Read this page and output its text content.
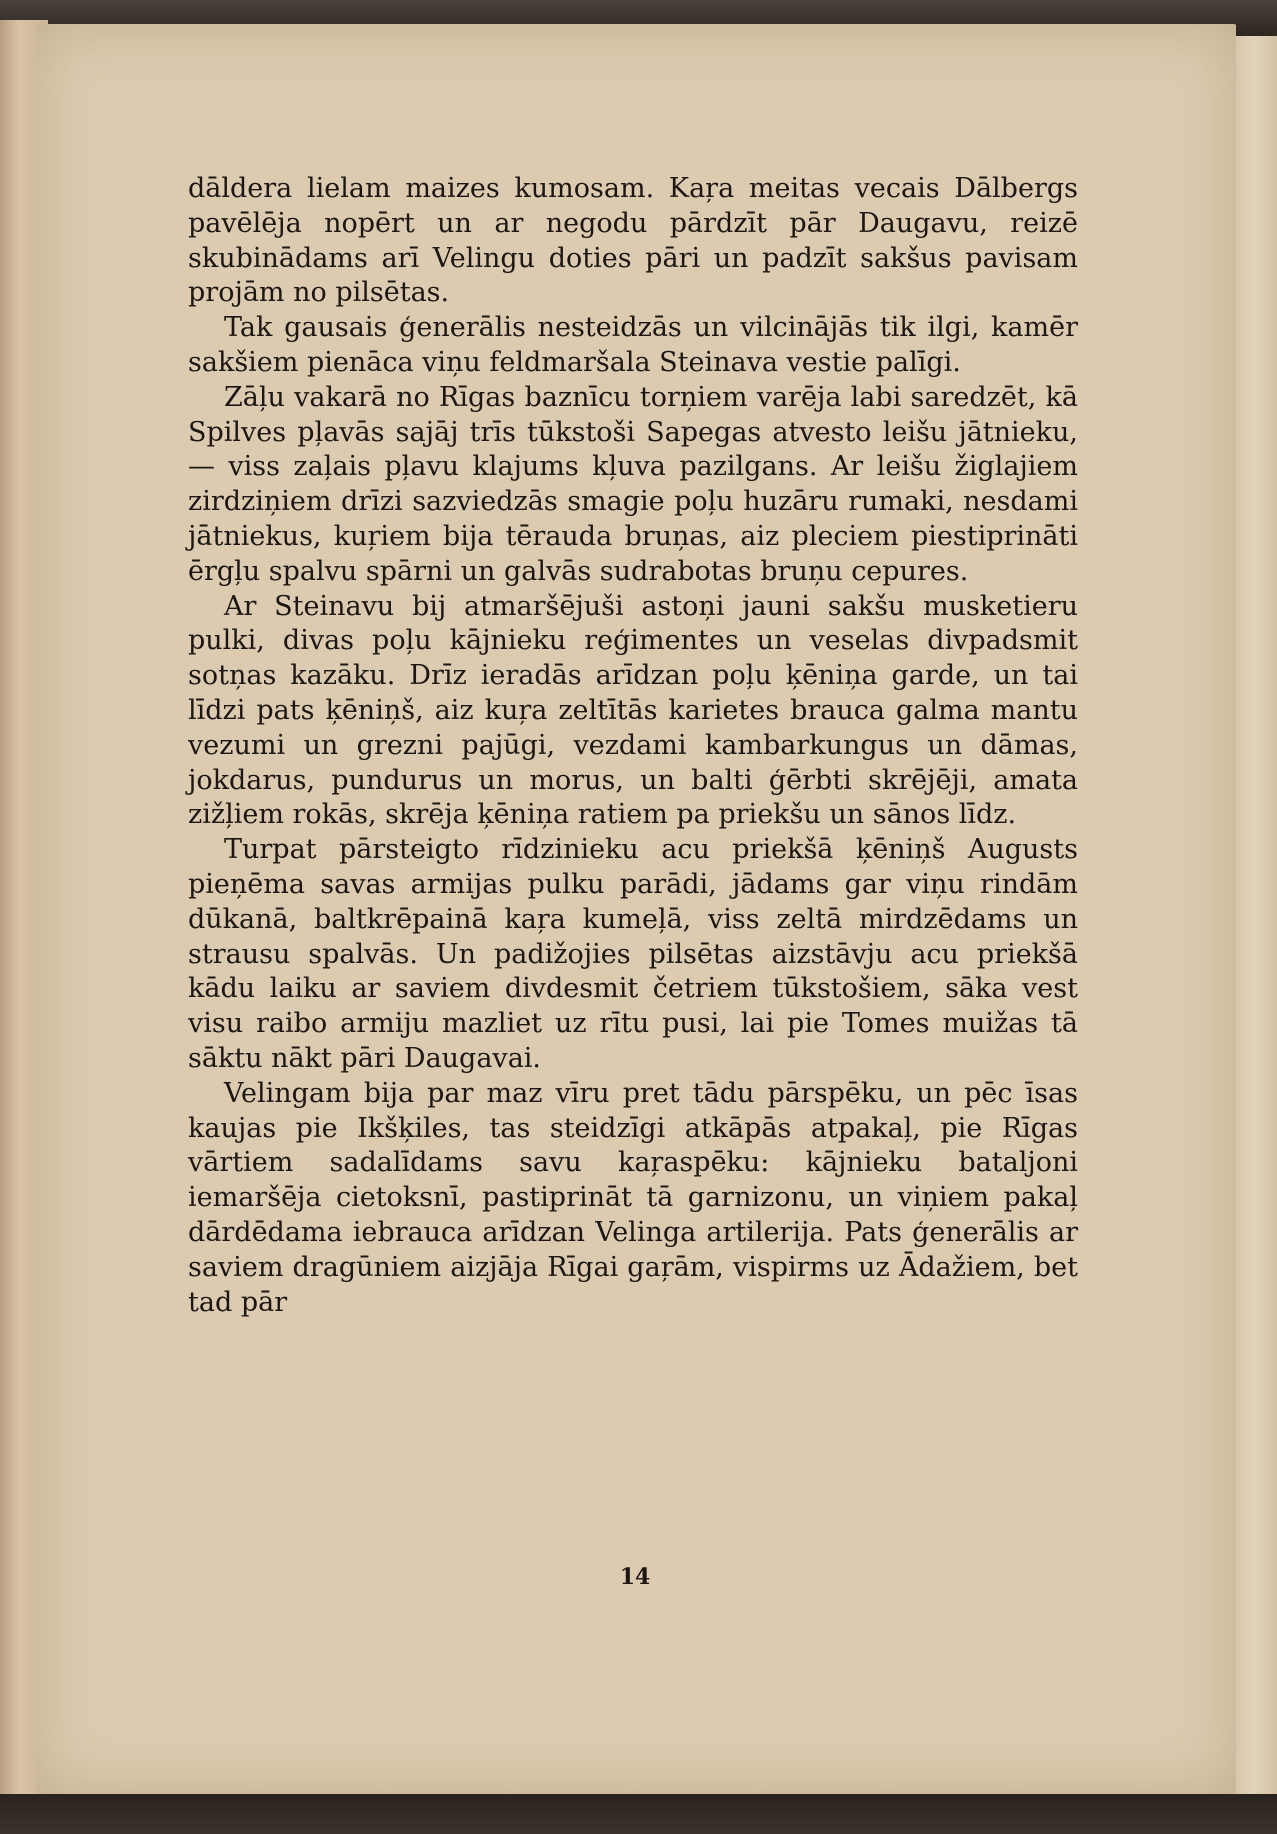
dāldera lielam maizes kumosam. Kaŗa meitas vecais Dālbergs pavēlēja nopērt un ar negodu pārdzīt pār Daugavu, reizē skubinādams arī Velingu doties pāri un padzīt sakšus pavisam projām no pilsētas.

Tak gausais ģenerālis nesteidzās un vilcinājās tik ilgi, kamēr sakšiem pienāca viņu feldmaršala Steinava vestie palīgi.

Zāļu vakarā no Rīgas baznīcu torņiem varēja labi saredzēt, kā Spilves pļavās sajāj trīs tūkstoši Sapegas atvesto leišu jātnieku, — viss zaļais pļavu klajums kļuva pazilgans. Ar leišu žiglajiem zirdziņiem drīzi sazviedzās smagie poļu huzāru rumaki, nesdami jātniekus, kuŗiem bija tērauda bruņas, aiz pleciem piestiprināti ērgļu spalvu spārni un galvās sudrabotas bruņu cepures.

Ar Steinavu bij atmaršējuši astoņi jauni sakšu musketieru pulki, divas poļu kājnieku reģimentes un veselas divpadsmit sotņas kazāku. Drīz ieradās arīdzan poļu ķēniņa garde, un tai līdzi pats ķēniņš, aiz kuŗa zeltītās karietes brauca galma mantu vezumi un grezni pajūgi, vezdami kambarkungus un dāmas, jokdarus, pundurus un morus, un balti ģērbti skrējēji, amata zižļiem rokās, skrēja ķēniņa ratiem pa priekšu un sānos līdz.

Turpat pārsteigto rīdzinieku acu priekšā ķēniņš Augusts pieņēma savas armijas pulku parādi, jādams gar viņu rindām dūkanā, baltkrēpainā kaŗa kumeļā, viss zeltā mirdzēdams un strausu spalvās. Un padižojies pilsētas aizstāvju acu priekšā kādu laiku ar saviem divdesmit četriem tūkstošiem, sāka vest visu raibo armiju mazliet uz rītu pusi, lai pie Tomes muižas tā sāktu nākt pāri Daugavai.

Velingam bija par maz vīru pret tādu pārspēku, un pēc īsas kaujas pie Ikšķiles, tas steidzīgi atkāpās atpakaļ, pie Rīgas vārtiem sadalīdams savu kaŗaspēku: kājnieku bataljoni iemaršēja cietoksnī, pastiprināt tā garnizonu, un viņiem pakaļ dārdēdama iebrauca arīdzan Velinga artilerija. Pats ģenerālis ar saviem dragūniem aizjāja Rīgai gaŗām, vispirms uz Ādažiem, bet tad pār

14
